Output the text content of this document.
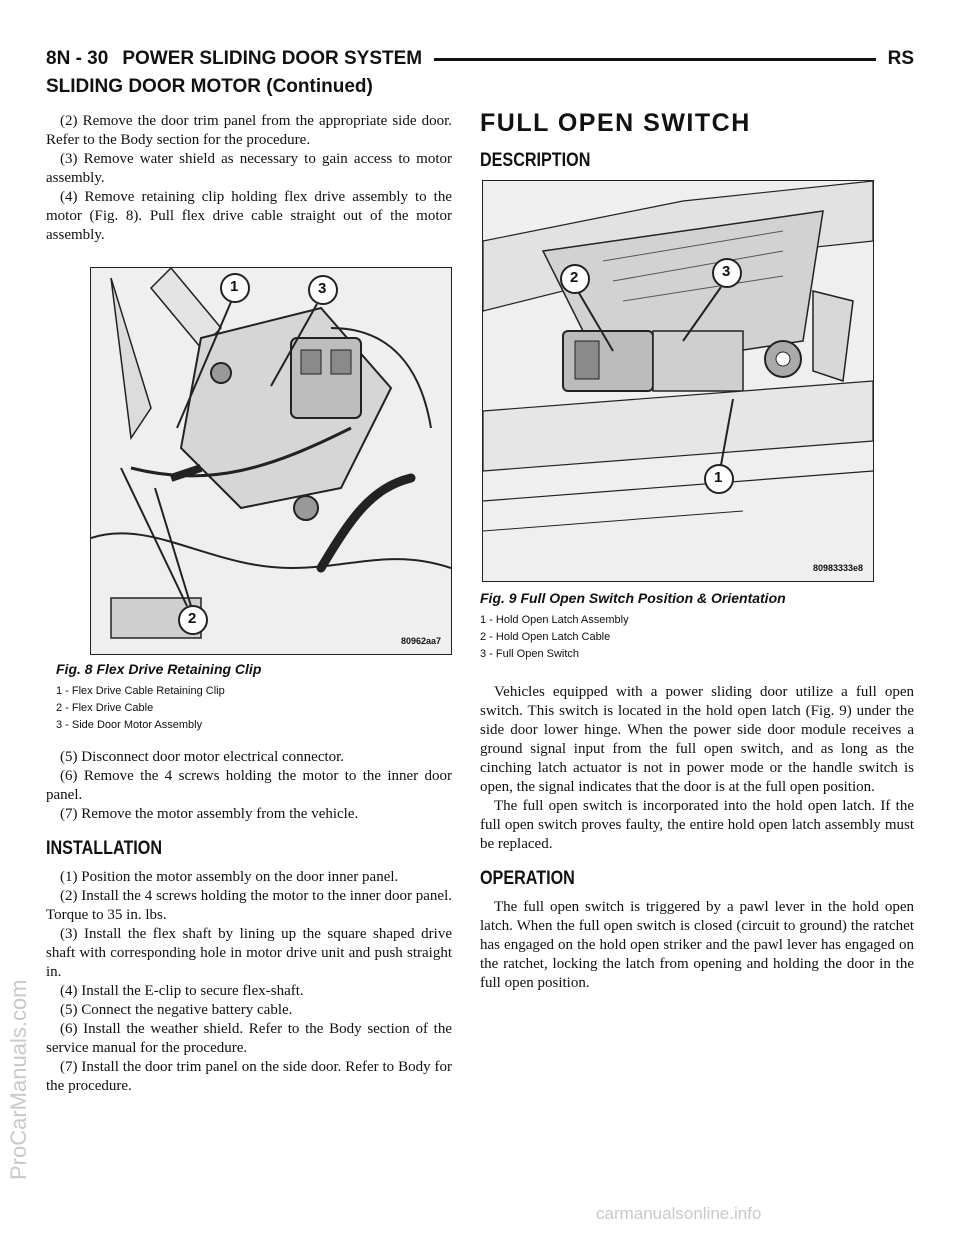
8N - 30 POWER SLIDING DOOR SYSTEM	RS
SLIDING DOOR MOTOR (Continued)

(2) Remove the door trim panel from the appropriate side door. Refer to the Body section for the procedure.

(3) Remove water shield as necessary to gain access to motor assembly.

(4) Remove retaining clip holding flex drive assembly to the motor (Fig. 8). Pull flex drive cable straight out of the motor assembly.

1	3
2
80962aa7
Fig. 8 Flex Drive Retaining Clip
1 - Flex Drive Cable Retaining Clip
2 - Flex Drive Cable
3 - Side Door Motor Assembly

(5) Disconnect door motor electrical connector.

(6) Remove the 4 screws holding the motor to the inner door panel.

(7) Remove the motor assembly from the vehicle.

INSTALLATION

(1) Position the motor assembly on the door inner panel.

(2) Install the 4 screws holding the motor to the inner door panel. Torque to 35 in. lbs.

(3) Install the flex shaft by lining up the square shaped drive shaft with corresponding hole in motor drive unit and push straight in.

(4) Install the E-clip to secure flex-shaft.

(5) Connect the negative battery cable.

(6) Install the weather shield. Refer to the Body section of the service manual for the procedure.

(7) Install the door trim panel on the side door. Refer to Body for the procedure.

FULL OPEN SWITCH
DESCRIPTION
2	3
1
80983333e8
Fig. 9 Full Open Switch Position & Orientation
1 - Hold Open Latch Assembly
2 - Hold Open Latch Cable
3 - Full Open Switch

Vehicles equipped with a power sliding door utilize a full open switch. This switch is located in the hold open latch (Fig. 9) under the side door lower hinge. When the power side door module receives a ground signal input from the full open switch, and as long as the cinching latch actuator is not in power mode or the handle switch is open, the signal indicates that the door is at the full open position.

The full open switch is incorporated into the hold open latch. If the full open switch proves faulty, the entire hold open latch assembly must be replaced.

OPERATION

The full open switch is triggered by a pawl lever in the hold open latch. When the full open switch is closed (circuit to ground) the ratchet has engaged on the hold open striker and the pawl lever has engaged on the ratchet, locking the latch from opening and holding the door in the full open position.

ProCarManuals.com
carmanualsonline.info
